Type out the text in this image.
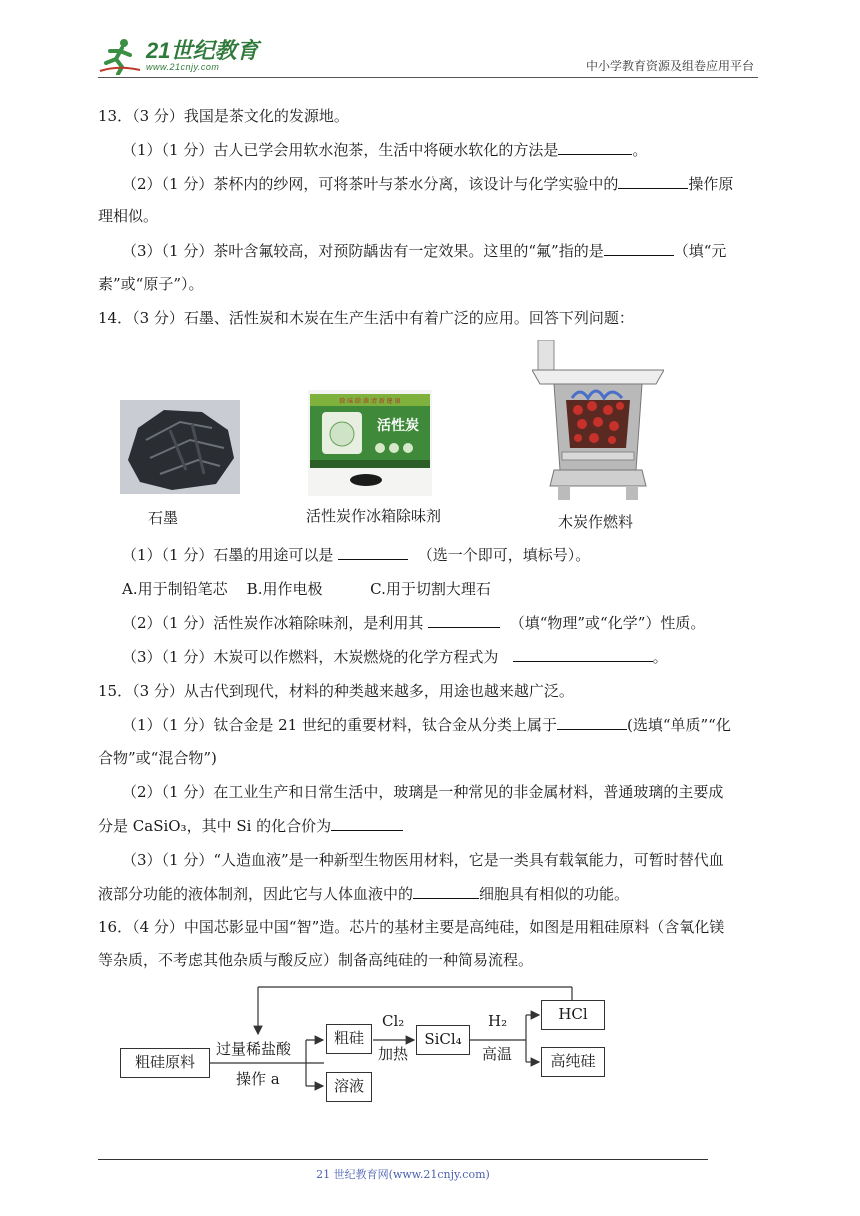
21世纪教育
www.21cnjy.com	中小学教育资源及组卷应用平台
13．（3 分）我国是茶文化的发源地。
（1）（1 分）古人已学会用软水泡茶，生活中将硬水软化的方法是	。
（2）（1 分）茶杯内的纱网，可将茶叶与茶水分离，该设计与化学实验中的	操作原
理相似。
（3）（1 分）茶叶含氟较高，对预防龋齿有一定效果。这里的“氟”指的是	（填“元
素”或“原子”）。
14．（3 分）石墨、活性炭和木炭在生产生活中有着广泛的应用。回答下列问题：
石墨
除 味 除 菌 清 新 健 康
活性炭
活性炭作冰箱除味剂	木炭作燃料
（1）（1 分）石墨的用途可以是	（选一个即可，填标号）。
A.用于制铅笔芯    B.用作电极          C.用于切割大理石
（2）（1 分）活性炭作冰箱除味剂，是利用其	（填“物理”或“化学”）性质。
（3）（1 分）木炭可以作燃料，木炭燃烧的化学方程式为	。
15．（3 分）从古代到现代，材料的种类越来越多，用途也越来越广泛。
（1）（1 分）钛合金是 21 世纪的重要材料，钛合金从分类上属于	(选填“单质”“化
合物”或“混合物”)
（2）（1 分）在工业生产和日常生活中，玻璃是一种常见的非金属材料，普通玻璃的主要成
分是 CaSiO₃，其中 Si 的化合价为
（3）（1 分）“人造血液”是一种新型生物医用材料，它是一类具有载氧能力，可暂时替代血
液部分功能的液体制剂，因此它与人体血液中的	细胞具有相似的功能。
16．（4 分）中国芯影显中国“智”造。芯片的基材主要是高纯硅，如图是用粗硅原料（含氧化镁
等杂质，不考虑其他杂质与酸反应）制备高纯硅的一种简易流程。
粗硅原料
过量稀盐酸
操作 a
粗硅
溶液
Cl₂
加热
SiCl₄
H₂
高温
HCl
高纯硅
21 世纪教育网(www.21cnjy.com)
